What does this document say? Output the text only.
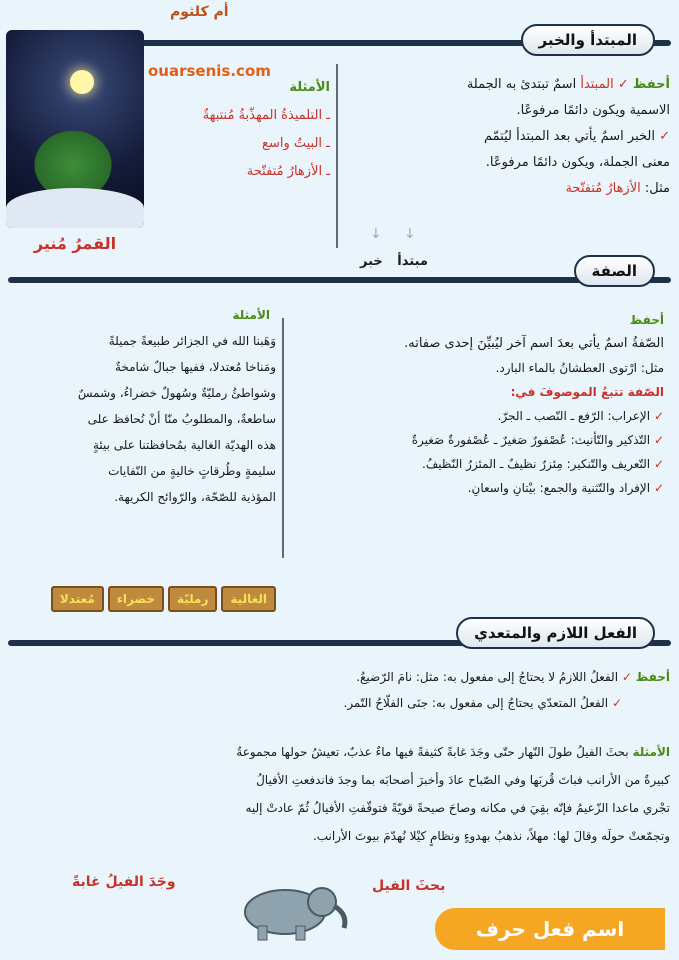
أم كلثوم
المبتدأ والخبر
ouarsenis.com
القمرُ مُنير
الأمثلة
ـ التلميذةُ المهذّبةُ مُنتبهةٌ
ـ البيتُ واسع
ـ الأزهارُ مُتفتّحة
أحفظ ✓ المبتدأ اسمٌ تبتدئ به الجملة
الاسمية ويكون دائمًا مرفوعًا.
✓ الخبر اسمٌ يأتي بعد المبتدأ ليُتمّم
معنى الجملة، ويكون دائمًا مرفوعًا.
مثل: الأزهارُ مُتفتّحة
↓     ↓
مبتدأ خبر
الصفة
أحفظ
الصّفةُ اسمٌ يأتي بعدَ اسم آخر ليُبيِّنَ إحدى صفاته.
مثل: ارْتوى العطشانُ بالماء البارد.
الصّفة تتبعُ الموصوفَ في:
✓ الإعراب: الرّفع ـ النّصب ـ الجرّ.
✓ التّذكير والتّأنيث: عُصْفورٌ صَغيرٌ ـ عُصْفورةٌ صَغيرةٌ
✓ التّعريف والتّنكير: مِئزرٌ نظيفٌ ـ المئزرُ النّظيفُ.
✓ الإفراد والتّثنية والجمع: بيْتانِ واسعانِ.
الأمثلة
وَهَبنا الله في الجزائر طبيعةً جميلةً
ومَناخا مُعتدلا، ففيها جبالٌ شامخةٌ
وشواطئُ رمليّةٌ وسُهولٌ خضراءُ، وشمسٌ
ساطعةٌ، والمطلوبُ منّا أنْ نُحافظ على
هذه الهديّة الغالية بمُحافظتنا على بيئةٍ
سليمةٍ وطُرقاتٍ خاليةٍ من النّفايات
المؤذية للصّحّة، والرّوائح الكريهة.
الغاليةرمليّةخضراءمُعتدلا
الفعل اللازم والمتعدي
أحفظ ✓ الفعلُ اللازمُ لا يحتاجُ إلى مفعول به: مثل: نامَ الرّضيعُ.
✓ الفعلُ المتعدّي يحتاجُ إلى مفعول به: جنَى الفلّاحُ التّمر.
الأمثلة بحثَ الفيلُ طولَ النّهار حتّى وجَدَ غابةً كثيفةً فيها ماءٌ عذبٌ، تعيشُ حولها مجموعةٌ
كبيرةٌ من الأرانب فباتَ قُربَها وفي الصّباح عادَ وأخبرَ أصحابَه بما وجدَ فاندفعتِ الأفيالُ
تجْري ماعدا الزّعيمُ فإنّه بقِيَ في مكانه وصاحَ صيحةً قويّةً فتوقّفتِ الأفيالُ ثُمّ عادتْ إليه
وتجمّعتْ حولَه وقالَ لها: مهلاً، نذهبُ بهدوءٍ ونظامٍ كيْلا نُهدّمَ بيوتَ الأرانب.
بحثَ الفيل
وجَدَ الفيلُ غابةً
اسم فعل حرف
